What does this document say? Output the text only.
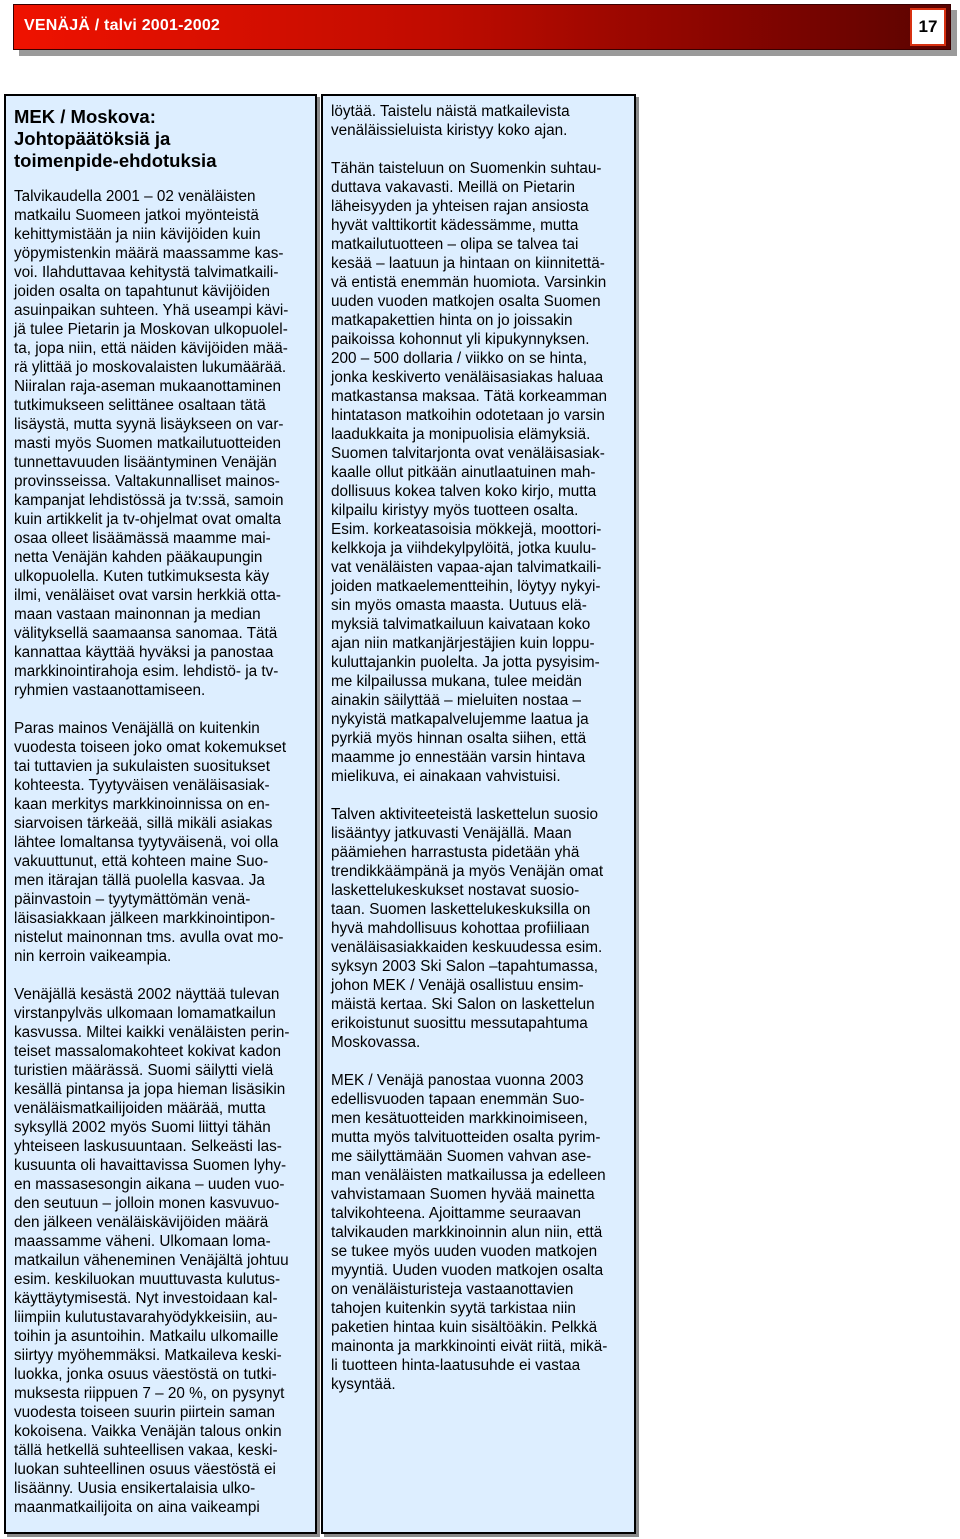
VENÄJÄ / talvi 2001-2002	17
MEK / Moskova:
Johtopäätöksiä ja
toimenpide-ehdotuksia
Talvikaudella 2001 – 02 venäläisten
matkailu Suomeen jatkoi myönteistä
kehittymistään ja niin kävijöiden kuin
yöpymistenkin määrä maassamme kas-
voi. Ilahduttavaa kehitystä talvimatkaili-
joiden osalta on tapahtunut kävijöiden
asuinpaikan suhteen. Yhä useampi kävi-
jä tulee Pietarin ja Moskovan ulkopuolel-
ta, jopa niin, että näiden kävijöiden mää-
rä ylittää jo moskovalaisten lukumäärää.
Niiralan raja-aseman mukaanottaminen
tutkimukseen selittänee osaltaan tätä
lisäystä, mutta syynä lisäykseen on var-
masti myös Suomen matkailutuotteiden
tunnettavuuden lisääntyminen Venäjän
provinsseissa. Valtakunnalliset mainos-
kampanjat lehdistössä ja tv:ssä, samoin
kuin artikkelit ja tv-ohjelmat ovat omalta
osaa olleet lisäämässä maamme mai-
netta Venäjän kahden pääkaupungin
ulkopuolella. Kuten tutkimuksesta käy
ilmi, venäläiset ovat varsin herkkiä otta-
maan vastaan mainonnan ja median
välityksellä saamaansa sanomaa. Tätä
kannattaa käyttää hyväksi ja panostaa
markkinointirahoja esim. lehdistö- ja tv-
ryhmien vastaanottamiseen.
Paras mainos Venäjällä on kuitenkin
vuodesta toiseen joko omat kokemukset
tai tuttavien ja sukulaisten suositukset
kohteesta. Tyytyväisen venäläisasiak-
kaan merkitys markkinoinnissa on en-
siarvoisen tärkeää, sillä mikäli asiakas
lähtee lomaltansa tyytyväisenä, voi olla
vakuuttunut, että kohteen maine Suo-
men itärajan tällä puolella kasvaa. Ja
päinvastoin – tyytymättömän venä-
läisasiakkaan jälkeen markkinointipon-
nistelut mainonnan tms. avulla ovat mo-
nin kerroin vaikeampia.
Venäjällä kesästä 2002 näyttää tulevan
virstanpylväs ulkomaan lomamatkailun
kasvussa. Miltei kaikki venäläisten perin-
teiset massalomakohteet kokivat kadon
turistien määrässä. Suomi säilytti vielä
kesällä pintansa ja jopa hieman lisäsikin
venäläismatkailijoiden määrää, mutta
syksyllä 2002 myös Suomi liittyi tähän
yhteiseen laskusuuntaan. Selkeästi las-
kusuunta oli havaittavissa Suomen lyhy-
en massasesongin aikana – uuden vuo-
den seutuun – jolloin monen kasvuvuo-
den jälkeen venäläiskävijöiden määrä
maassamme väheni. Ulkomaan loma-
matkailun väheneminen Venäjältä johtuu
esim. keskiluokan muuttuvasta kulutus-
käyttäytymisestä. Nyt investoidaan kal-
liimpiin kulutustavarahyödykkeisiin, au-
toihin ja asuntoihin. Matkailu ulkomaille
siirtyy myöhemmäksi. Matkaileva keski-
luokka, jonka osuus väestöstä on tutki-
muksesta riippuen 7 – 20 %, on pysynyt
vuodesta toiseen suurin piirtein saman
kokoisena. Vaikka Venäjän talous onkin
tällä hetkellä suhteellisen vakaa, keski-
luokan suhteellinen osuus väestöstä ei
lisäänny. Uusia ensikertalaisia ulko-
maanmatkailijoita on aina vaikeampi
löytää. Taistelu näistä matkailevista
venäläissieluista kiristyy koko ajan.
Tähän taisteluun on Suomenkin suhtau-
duttava vakavasti. Meillä on Pietarin
läheisyyden ja yhteisen rajan ansiosta
hyvät valttikortit kädessämme, mutta
matkailutuotteen – olipa se talvea tai
kesää – laatuun ja hintaan on kiinnitettä-
vä entistä enemmän huomiota. Varsinkin
uuden vuoden matkojen osalta Suomen
matkapakettien hinta on jo joissakin
paikoissa kohonnut yli kipukynnyksen.
200 – 500 dollaria / viikko on se hinta,
jonka keskiverto venäläisasiakas haluaa
matkastansa maksaa. Tätä korkeamman
hintatason matkoihin odotetaan jo varsin
laadukkaita ja monipuolisia elämyksiä.
Suomen talvitarjonta ovat venäläisasiak-
kaalle ollut pitkään ainutlaatuinen mah-
dollisuus kokea talven koko kirjo, mutta
kilpailu kiristyy myös tuotteen osalta.
Esim. korkeatasoisia mökkejä, moottori-
kelkkoja ja viihdekylpylöitä, jotka kuulu-
vat venäläisten vapaa-ajan talvimatkaili-
joiden matkaelementteihin, löytyy nykyi-
sin myös omasta maasta. Uutuus elä-
myksiä talvimatkailuun kaivataan koko
ajan niin matkanjärjestäjien kuin loppu-
kuluttajankin puolelta. Ja jotta pysyisim-
me kilpailussa mukana, tulee meidän
ainakin säilyttää – mieluiten nostaa –
nykyistä matkapalvelujemme laatua ja
pyrkiä myös hinnan osalta siihen, että
maamme jo ennestään varsin hintava
mielikuva, ei ainakaan vahvistuisi.
Talven aktiviteeteistä laskettelun suosio
lisääntyy jatkuvasti Venäjällä. Maan
päämiehen harrastusta pidetään yhä
trendikkäämpänä ja myös Venäjän omat
laskettelukeskukset nostavat suosio-
taan. Suomen laskettelukeskuksilla on
hyvä mahdollisuus kohottaa profiiliaan
venäläisasiakkaiden keskuudessa esim.
syksyn 2003 Ski Salon –tapahtumassa,
johon MEK / Venäjä osallistuu ensim-
mäistä kertaa. Ski Salon on laskettelun
erikoistunut suosittu messutapahtuma
Moskovassa.
MEK / Venäjä panostaa vuonna 2003
edellisvuoden tapaan enemmän Suo-
men kesätuotteiden markkinoimiseen,
mutta myös talvituotteiden osalta pyrim-
me säilyttämään Suomen vahvan ase-
man venäläisten matkailussa ja edelleen
vahvistamaan Suomen hyvää mainetta
talvikohteena. Ajoittamme seuraavan
talvikauden markkinoinnin alun niin, että
se tukee myös uuden vuoden matkojen
myyntiä. Uuden vuoden matkojen osalta
on venäläisturisteja vastaanottavien
tahojen kuitenkin syytä tarkistaa niin
paketien hintaa kuin sisältöäkin. Pelkkä
mainonta ja markkinointi eivät riitä, mikä-
li tuotteen hinta-laatusuhde ei vastaa
kysyntää.
